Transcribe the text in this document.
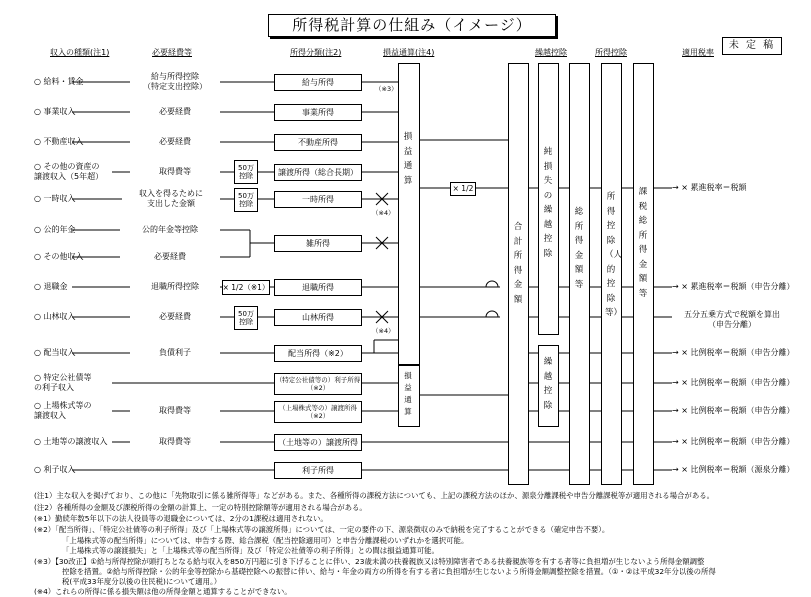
所得税計算の仕組み（イメージ）
未 定 稿
収入の種類(注1)	必要経費等	所得分類(注2)	損益通算(注4)	繰越控除	所得控除	適用税率
○ 給料・賃金
○ 事業収入
○ 不動産収入
○ その他の資産の
譲渡収入（5年超）
○ 一時収入
○ 公的年金
○ その他収入
○ 退職金
○ 山林収入
○ 配当収入
○ 特定公社債等
の利子収入
○ 上場株式等の
譲渡収入
○ 土地等の譲渡収入
○ 利子収入
給与所得控除
（特定支出控除）
必要経費
必要経費
取得費等
収入を得るために
支出した金額
公的年金等控除
必要経費
退職所得控除
必要経費
負債利子
取得費等
取得費等
50万
控除
50万
控除
50万
控除
× 1/2（※1）
給与所得
事業所得
不動産所得
譲渡所得（総合長期）
一時所得
雑所得
退職所得
山林所得
配当所得（※2）
（特定公社債等の）利子所得
（※2）
（上場株式等の）譲渡所得
（※2）
（土地等の）譲渡所得
利子所得
（※3）
（※4）
（※4）
損益通算
損益通算
× 1/2
合計所得金額
純損失の繰越控除
繰越控除
総所得金額等
所得控除（人的控除等）
課税総所得金額等
→ × 累進税率＝税額
→ × 累進税率＝税額（申告分離）
五分五乗方式で税額を算出
（申告分離）
→ × 比例税率＝税額（申告分離）
→ × 比例税率＝税額（申告分離）
→ × 比例税率＝税額（申告分離）
→ × 比例税率＝税額（申告分離）
→ × 比例税率＝税額（源泉分離）
(注1）主な収入を掲げており、この他に「先物取引に係る雑所得等」などがある。また、各種所得の課税方法についても、上記の課税方法のほか、源泉分離課税や申告分離課税等が適用される場合がある。
(注2）各種所得の金額及び課税所得の金額の計算上、一定の特別控除額等が適用される場合がある。
(※1）勤続年数5年以下の法人役員等の退職金については、2分の1課税は適用されない。
(※2）「配当所得」、「特定公社債等の利子所得」及び「上場株式等の譲渡所得」については、一定の要件の下、源泉徴収のみで納税を完了することができる（確定申告不要）。
「上場株式等の配当所得」については、申告する際、総合課税（配当控除適用可）と申告分離課税のいずれかを選択可能。
「上場株式等の譲渡損失」と「上場株式等の配当所得」及び「特定公社債等の利子所得」との間は損益通算可能。
(※3）【30改正】①給与所得控除が頭打ちとなる給与収入を850万円超に引き下げることに伴い、23歳未満の扶養親族又は特別障害者である扶養親族等を有する者等に負担増が生じないよう所得金額調整
控除を措置。②給与所得控除・公的年金等控除から基礎控除への振替に伴い、給与・年金の両方の所得を有する者に負担増が生じないよう所得金額調整控除を措置。（①・②は平成32年分以後の所得
税(平成33年度分以後の住民税)について適用。）
(※4）これらの所得に係る損失額は他の所得金額と通算することができない。
